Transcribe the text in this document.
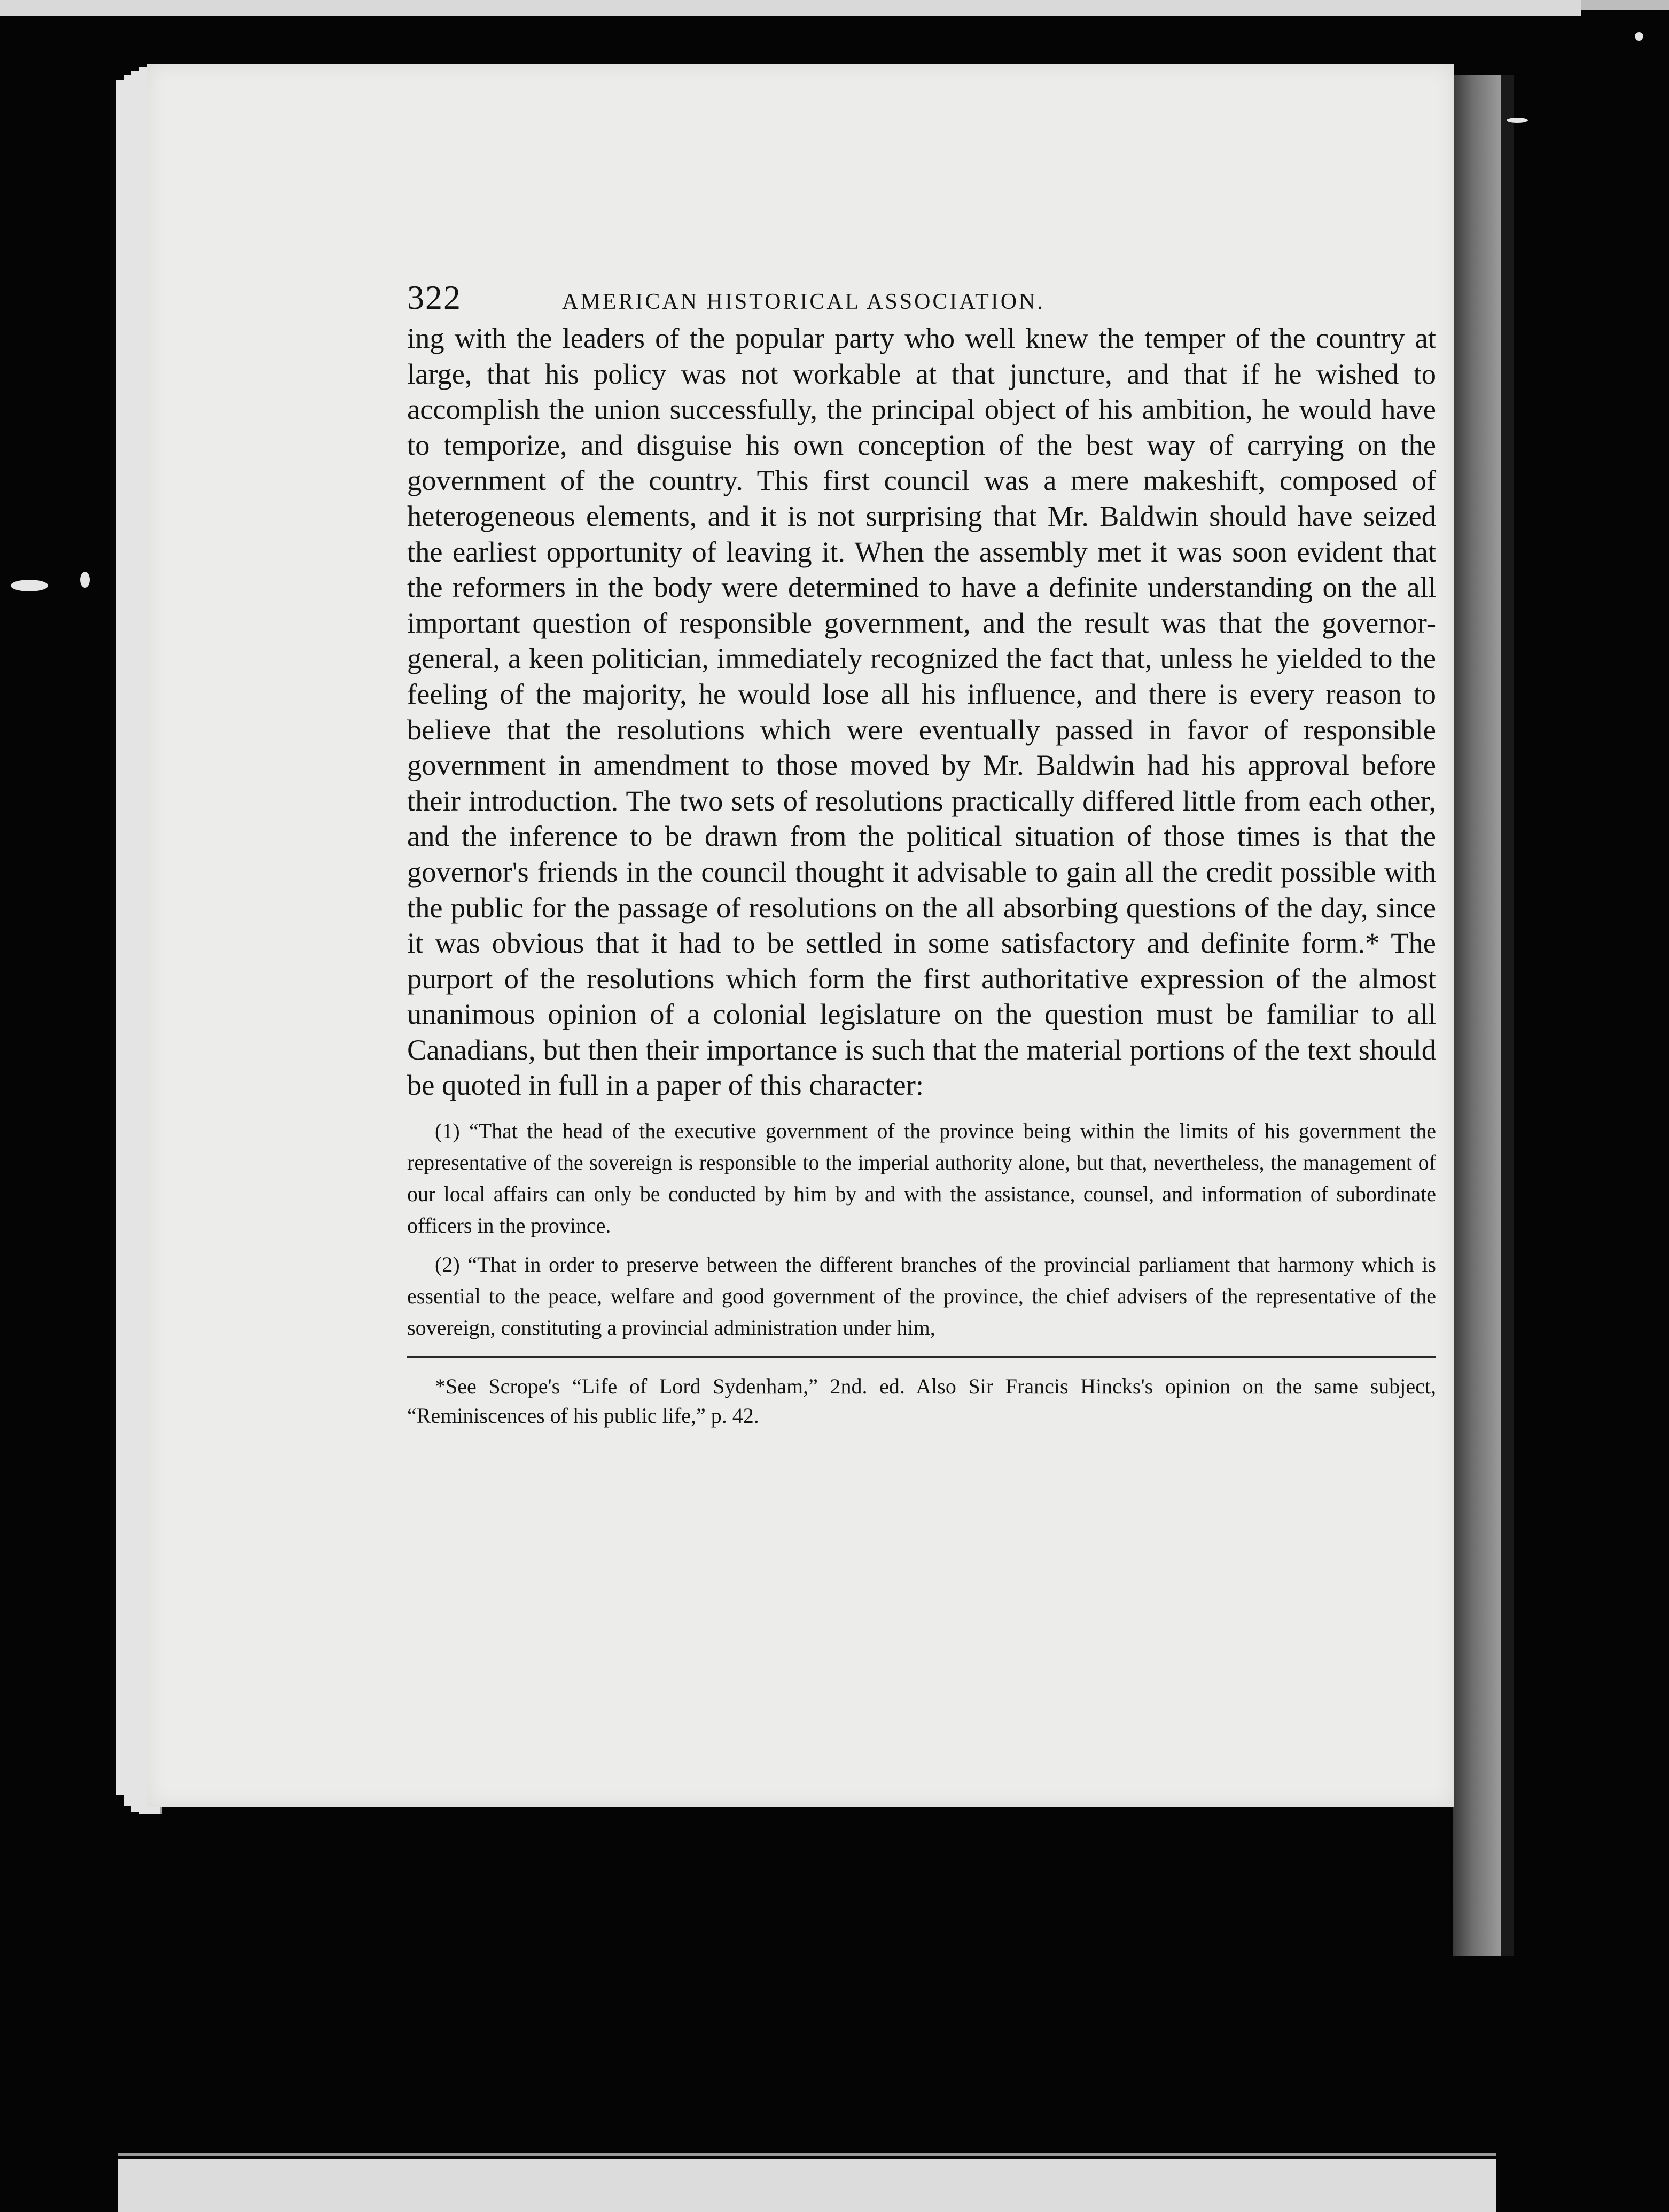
322	AMERICAN HISTORICAL ASSOCIATION.

ing with the leaders of the popular party who well knew the temper of the country at large, that his policy was not workable at that juncture, and that if he wished to accomplish the union successfully, the principal object of his ambition, he would have to temporize, and disguise his own conception of the best way of carrying on the government of the country. This first council was a mere makeshift, composed of heterogeneous elements, and it is not surprising that Mr. Baldwin should have seized the earliest opportunity of leaving it. When the assembly met it was soon evident that the reformers in the body were determined to have a definite understanding on the all important question of responsible government, and the result was that the governor-general, a keen politician, immediately recognized the fact that, unless he yielded to the feeling of the majority, he would lose all his influence, and there is every reason to believe that the resolutions which were eventually passed in favor of responsible government in amendment to those moved by Mr. Baldwin had his approval before their introduction. The two sets of resolutions practically differed little from each other, and the inference to be drawn from the political situation of those times is that the governor's friends in the council thought it advisable to gain all the credit possible with the public for the passage of resolutions on the all absorbing questions of the day, since it was obvious that it had to be settled in some satisfactory and definite form.* The purport of the resolutions which form the first authoritative expression of the almost unanimous opinion of a colonial legislature on the question must be familiar to all Canadians, but then their importance is such that the material portions of the text should be quoted in full in a paper of this character:

(1) “That the head of the executive government of the province being within the limits of his government the representative of the sovereign is responsible to the imperial authority alone, but that, nevertheless, the management of our local affairs can only be conducted by him by and with the assistance, counsel, and information of subordinate officers in the province.

(2) “That in order to preserve between the different branches of the provincial parliament that harmony which is essential to the peace, welfare and good government of the province, the chief advisers of the representative of the sovereign, constituting a provincial administration under him,

*See Scrope's “Life of Lord Sydenham,” 2nd. ed. Also Sir Francis Hincks's opinion on the same subject, “Reminiscences of his public life,” p. 42.
